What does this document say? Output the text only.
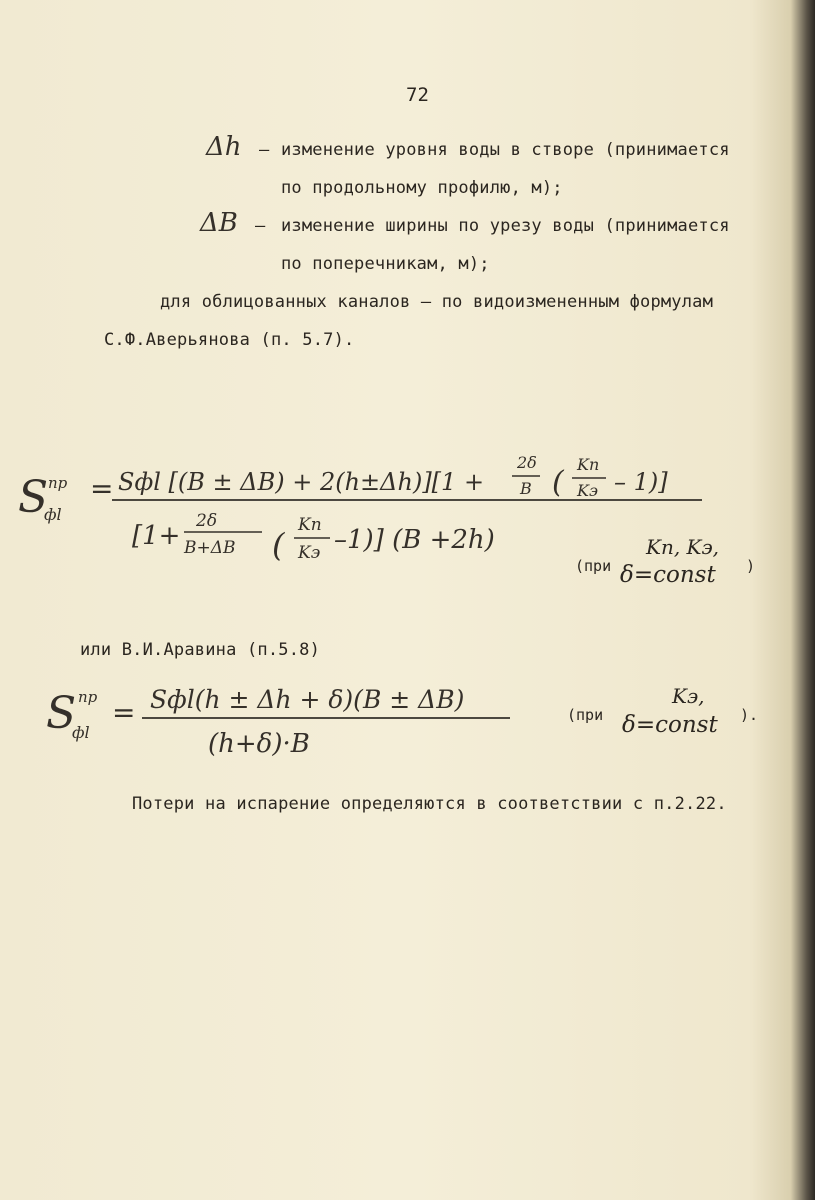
72
Δh – изменение уровня воды в створе (принимается
по продольному профилю, м);
ΔB – изменение ширины по урезу воды (принимается
по поперечникам, м);
для облицованных каналов – по видоизмененным формулам
С.Ф.Аверьянова (п. 5.7).
S пр
фl
= Sфl [(B ± ΔB) + 2(h±Δh)][1 +
2δ
B (
Kп
Kэ – 1)]
[1+ 2δ
B+ΔB (
Kп
Kэ –1)] (B +2h)
(при
Kп, Kэ,
δ=const )
или В.И.Аравина (п.5.8)
S пр
фl
= Sфl(h ± Δh + δ)(B ± ΔB)
(h+δ)·B
(при
Kэ,
δ=const ).
Потери на испарение определяются в соответствии с п.2.22.
